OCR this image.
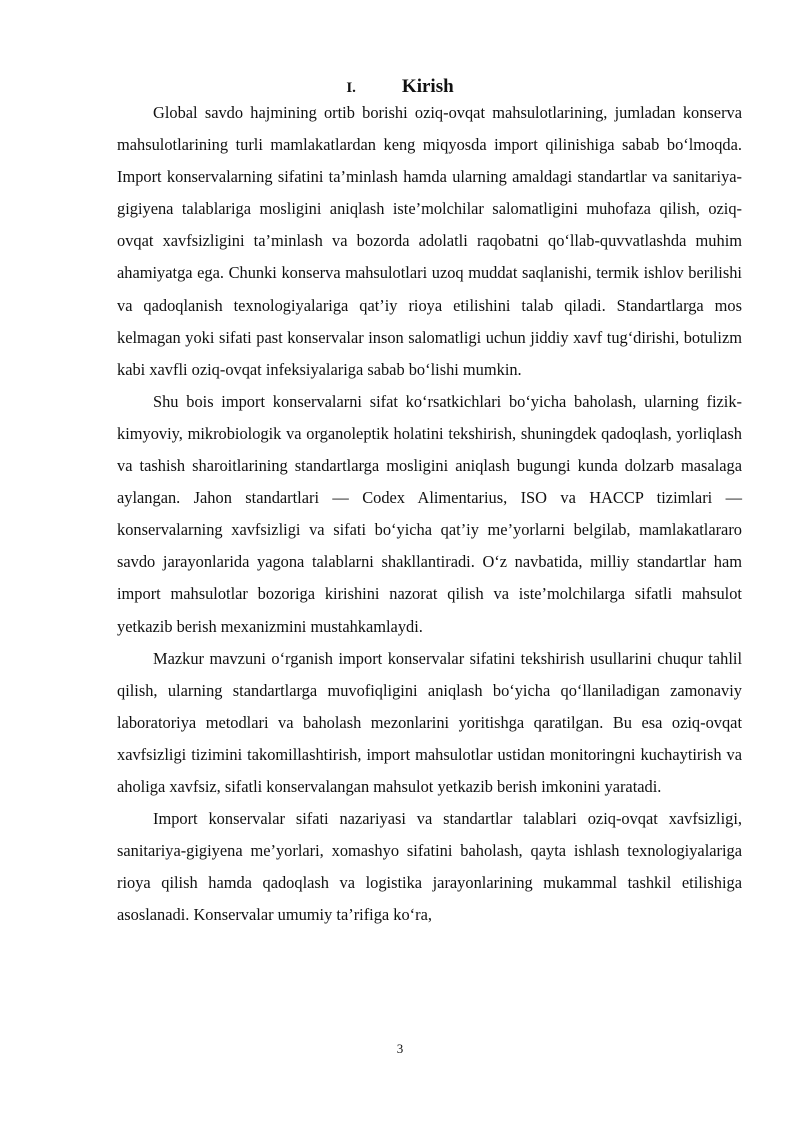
I. Kirish

Global savdo hajmining ortib borishi oziq-ovqat mahsulotlarining, jumladan konserva mahsulotlarining turli mamlakatlardan keng miqyosda import qilinishiga sabab bo‘lmoqda. Import konservalarning sifatini ta’minlash hamda ularning amaldagi standartlar va sanitariya-gigiyena talablariga mosligini aniqlash iste’molchilar salomatligini muhofaza qilish, oziq-ovqat xavfsizligini ta’minlash va bozorda adolatli raqobatni qo‘llab-quvvatlashda muhim ahamiyatga ega. Chunki konserva mahsulotlari uzoq muddat saqlanishi, termik ishlov berilishi va qadoqlanish texnologiyalariga qat’iy rioya etilishini talab qiladi. Standartlarga mos kelmagan yoki sifati past konservalar inson salomatligi uchun jiddiy xavf tug‘dirishi, botulizm kabi xavfli oziq-ovqat infeksiyalariga sabab bo‘lishi mumkin.

Shu bois import konservalarni sifat ko‘rsatkichlari bo‘yicha baholash, ularning fizik-kimyoviy, mikrobiologik va organoleptik holatini tekshirish, shuningdek qadoqlash, yorliqlash va tashish sharoitlarining standartlarga mosligini aniqlash bugungi kunda dolzarb masalaga aylangan. Jahon standartlari — Codex Alimentarius, ISO va HACCP tizimlari — konservalarning xavfsizligi va sifati bo‘yicha qat’iy me’yorlarni belgilab, mamlakatlararo savdo jarayonlarida yagona talablarni shakllantiradi. O‘z navbatida, milliy standartlar ham import mahsulotlar bozoriga kirishini nazorat qilish va iste’molchilarga sifatli mahsulot yetkazib berish mexanizmini mustahkamlaydi.

Mazkur mavzuni o‘rganish import konservalar sifatini tekshirish usullarini chuqur tahlil qilish, ularning standartlarga muvofiqligini aniqlash bo‘yicha qo‘llaniladigan zamonaviy laboratoriya metodlari va baholash mezonlarini yoritishga qaratilgan. Bu esa oziq-ovqat xavfsizligi tizimini takomillashtirish, import mahsulotlar ustidan monitoringni kuchaytirish va aholiga xavfsiz, sifatli konservalangan mahsulot yetkazib berish imkonini yaratadi.

Import konservalar sifati nazariyasi va standartlar talablari oziq-ovqat xavfsizligi, sanitariya-gigiyena me’yorlari, xomashyo sifatini baholash, qayta ishlash texnologiyalariga rioya qilish hamda qadoqlash va logistika jarayonlarining mukammal tashkil etilishiga asoslanadi. Konservalar umumiy ta’rifiga ko‘ra,

3
